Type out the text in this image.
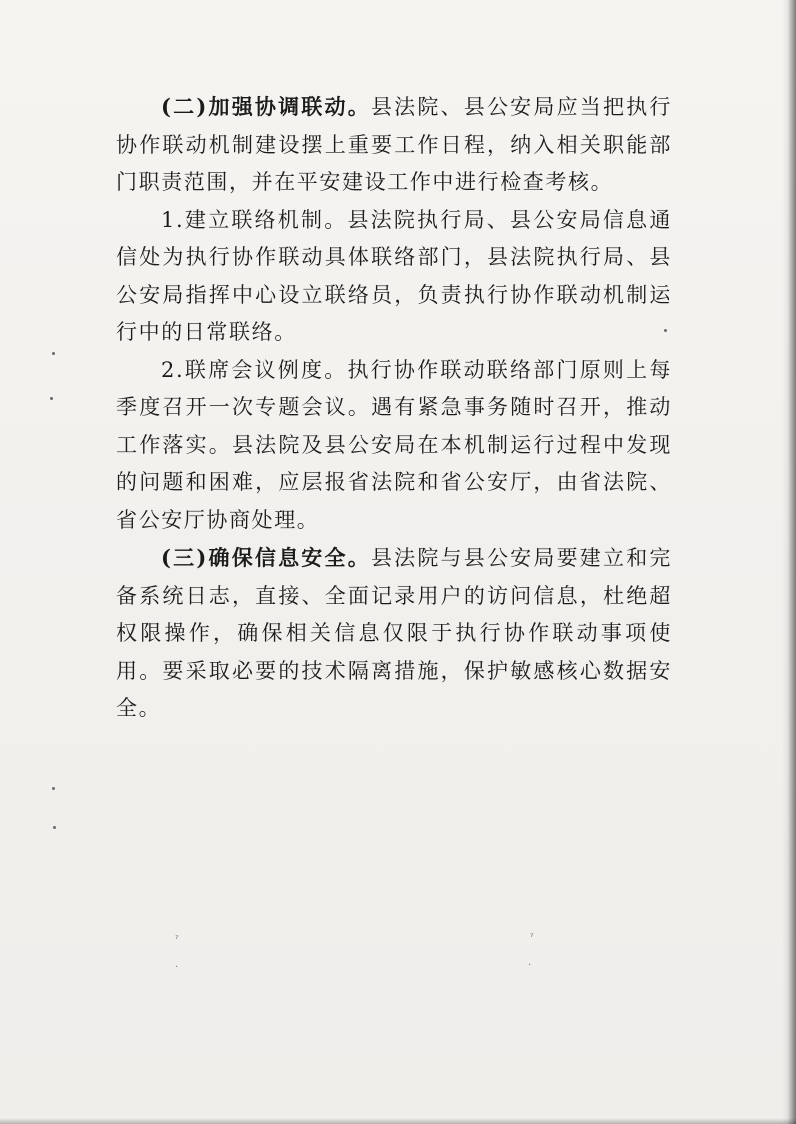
(二)加强协调联动。县法院、县公安局应当把执行协作联动机制建设摆上重要工作日程，纳入相关职能部门职责范围，并在平安建设工作中进行检查考核。

1.建立联络机制。县法院执行局、县公安局信息通信处为执行协作联动具体联络部门，县法院执行局、县公安局指挥中心设立联络员，负责执行协作联动机制运行中的日常联络。

2.联席会议例度。执行协作联动联络部门原则上每季度召开一次专题会议。遇有紧急事务随时召开，推动工作落实。县法院及县公安局在本机制运行过程中发现的问题和困难，应层报省法院和省公安厅，由省法院、省公安厅协商处理。

(三)确保信息安全。县法院与县公安局要建立和完备系统日志，直接、全面记录用户的访问信息，杜绝超权限操作，确保相关信息仅限于执行协作联动事项使用。要采取必要的技术隔离措施，保护敏感核心数据安全。

ˀ
·
ˀ
·
